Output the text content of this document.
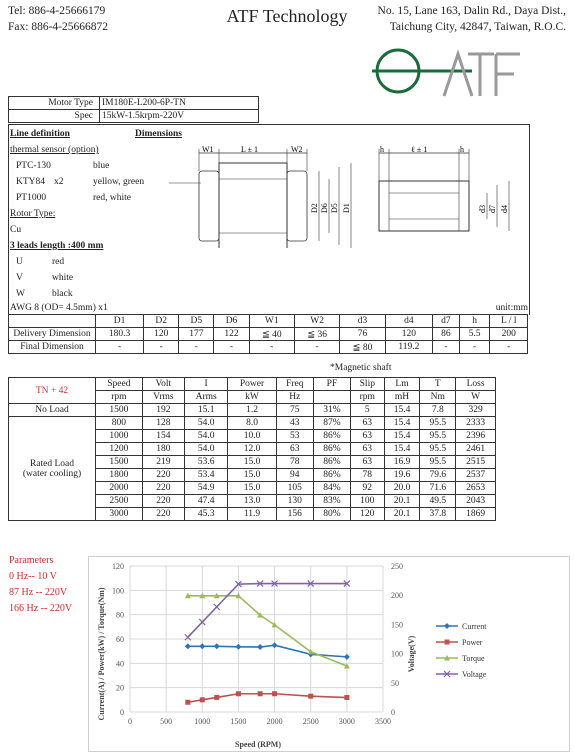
Tel: 886-4-25666179
Fax: 886-4-25666872
ATF Technology	No. 15, Lane 163, Dalin Rd., Daya Dist.,
Taichung City, 42847, Taiwan, R.O.C.
Motor Type	IM180E-L200-6P-TN
Spec	15kW-1.5krpm-220V
Line definition	Dimensions
thermal sensor (option)
PTC-130	blue
KTY84 x2	yellow, green
PT1000	red, white
Rotor Type:
Cu
3 leads length :400 mm
U	red
V	white
W	black
AWG 8 (OD= 4.5mm) x1	unit:mm
W1	L ± 1	W2
D2 D6 D5 D1
h	ℓ ± 1	h
d3 d7 d4
	D1	D2	D5	D6	W1	W2	d3	d4	d7	h	L / l
Delivery Dimension	180.3	120	177	122	≦ 40	≦ 36	76	120	86	5.5	200
Final Dimension	-	-	-	-	-	-	≦ 80	119.2	-	-	-
*Magnetic shaft
TN + 42	Speed	Volt	I	Power	Freq	PF	Slip	Lm	T	Loss
	rpm	Vrms	Arms	kW	Hz		rpm	mH	Nm	W
No Load	1500	192	15.1	1.2	75	31%	5	15.4	7.8	329

Rated Load
(water cooling)	800	128	54.0	8.0	43	87%	63	15.4	95.5	2333
	1000	154	54.0	10.0	53	86%	63	15.4	95.5	2396
	1200	180	54.0	12.0	63	86%	63	15.4	95.5	2461
	1500	219	53.6	15.0	78	86%	63	16.9	95.5	2515
	1800	220	53.4	15.0	94	86%	78	19.6	79.6	2537
	2000	220	54.9	15.0	105	84%	92	20.0	71.6	2653
	2500	220	47.4	13.0	130	83%	100	20.1	49.5	2043
	3000	220	45.3	11.9	156	80%	120	20.1	37.8	1869
Parameters
0 Hz-- 10 V
87 Hz -- 220V
166 Hz -- 220V
0
20
40
60
80
100
120
0	500	1000	1500	2000	2500	3000	3500
0
50
100
150
200
250
Current(A) / Power(kW) / Torque(Nm)	Voltage(V)
Speed (RPM)
Current
Power
Torque
Voltage
